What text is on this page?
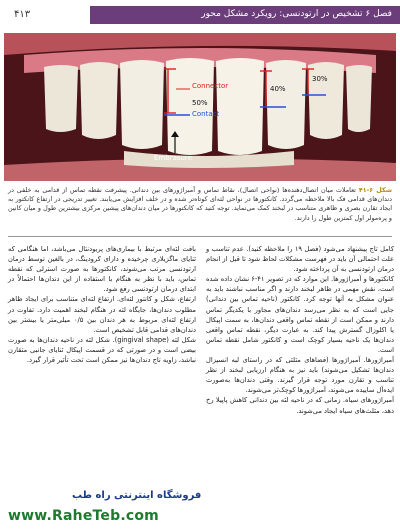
۴۱۳	فصل ۶ تشخیص در ارتودنسی: رویکرد مشکل محور
Connector
50%
Contact
Embrasure
40%
30%
شکل ۶-۴۱ تعاملات میان اتصال‌دهنده‌ها (نواحی اتصال)، نقاط تماس و آمبراژورهای بین دندانی. پیشرفت نقطه تماس از قدامی به خلفی در دندان‌های قدامی فک بالا ملاحظه می‌گردد. کانکتورها در نواحی لثه‌ای کوتاه‌تر شده و در خلف افزایش می‌یابند. تغییر تدریجی در ارتفاع کانکتور به ایجاد تقارن بصری و ظاهری متناسب در لبخند کمک می‌نماید. توجه کنید که کانکتورها در میان دندان‌های پیشین مرکزی بیشترین طول و میان کانین و پره‌مولر اول کمترین طول را دارند.

کامل تاج پیشنهاد می‌شود (فصل ۱۹ را ملاحظه کنید). عدم تناسب و علت احتمالی آن باید در فهرست مشکلات لحاظ شود تا قبل از انجام درمان ارتودنسی به آن پرداخته شود.

کانکتورها و آمبراژورها. این موارد که در تصویر ۴۱-۶ نشان داده شده است، نقش مهمی در ظاهر لبخند دارند و اگر مناسب نباشند باید به عنوان مشکل به آنها توجه کرد. کانکتور (ناحیه تماس بین دندانی) جایی است که به نظر می‌رسد دندان‌های مجاور با یکدیگر تماس دارند و ممکن است از نقطه تماس واقعی دندان‌ها، به سمت اپیکال یا اکلوزال گسترش پیدا کند. به عبارت دیگر، نقطه تماس واقعی دندان‌ها یک ناحیه بسیار کوچک است و کانکتور شامل نقطه تماس است.

آمبراژورها. آمبراژورها (فضاهای مثلثی که در راستای لبه انسیزال دندان‌ها تشکیل می‌شوند) باید نیز به هنگام ارزیابی لبخند از نظر تناسب و تقارن مورد توجه قرار گیرند. وقتی دندان‌ها به‌صورت ایده‌آل ساییده می‌شوند، آمبراژورها کوچک‌تر می‌شوند.

آمبراژورهای سیاه. زمانی که در ناحیه لثه بین دندانی کاهش پاپیلا رخ دهد، مثلث‌های سیاه ایجاد می‌شوند.

بافت لثه‌ای مرتبط با بیماری‌های پریودنتال می‌باشد، اما هنگامی که ثنایای ماگزیلاری چرخیده و دارای کرودینگ، در بالغین توسط درمان ارتودنسی مرتب می‌شوند، کانکتورها به صورت استرلی که نقطه تماس، باید با نظر به هنگام با استفاده از این دندان‌ها احتمالاً در ابتدای درمان ارتودنسی رفع شود.

ارتفاع، شکل و کانتور لثه‌ای. ارتفاع لثه‌ای متناسب برای ایجاد ظاهر مطلوب دندان‌ها، جایگاه لثه در هنگام لبخند اهمیت دارد. تفاوت در ارتفاع لثه‌ای مربوط به هر دندان بین ۰/۵ میلی‌متر یا بیشتر بین دندان‌های قدامی قابل تشخیص است.

شکل لثه (gingival shape). شکل لثه در ناحیه دندان‌ها به صورت بیضی است و در صورتی که در قسمت اپیکال ثنایای جانبی متقارن نباشد، زاویه تاج دندان‌ها نیز ممکن است تحت تأثیر قرار گیرد.

فروشگاه اینترنتی راه طب
www.RaheTeb.com
